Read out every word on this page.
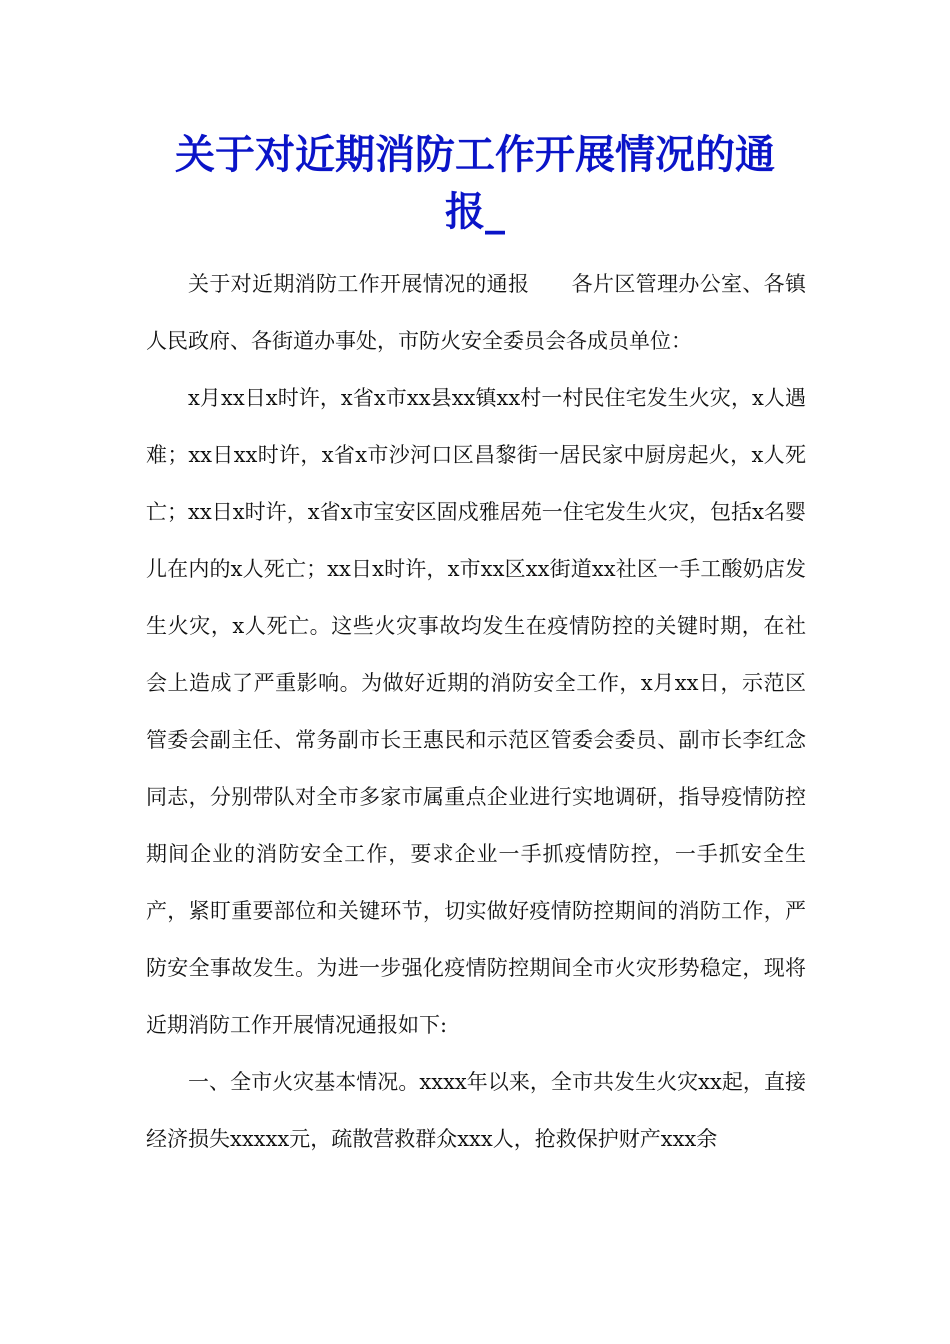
关于对近期消防工作开展情况的通
报_

关于对近期消防工作开展情况的通报 各片区管理办公室、各镇人民政府、各街道办事处，市防火安全委员会各成员单位：

x月xx日x时许，x省x市xx县xx镇xx村一村民住宅发生火灾，x人遇难；xx日xx时许，x省x市沙河口区昌黎街一居民家中厨房起火，x人死亡；xx日x时许，x省x市宝安区固戍雅居苑一住宅发生火灾，包括x名婴儿在内的x人死亡；xx日x时许，x市xx区xx街道xx社区一手工酸奶店发生火灾，x人死亡。这些火灾事故均发生在疫情防控的关键时期，在社会上造成了严重影响。为做好近期的消防安全工作，x月xx日，示范区管委会副主任、常务副市长王惠民和示范区管委会委员、副市长李红念同志，分别带队对全市多家市属重点企业进行实地调研，指导疫情防控期间企业的消防安全工作，要求企业一手抓疫情防控，一手抓安全生产，紧盯重要部位和关键环节，切实做好疫情防控期间的消防工作，严防安全事故发生。为进一步强化疫情防控期间全市火灾形势稳定，现将近期消防工作开展情况通报如下:

一、全市火灾基本情况。xxxx年以来，全市共发生火灾xx起，直接经济损失xxxxx元，疏散营救群众xxx人，抢救保护财产xxx余
